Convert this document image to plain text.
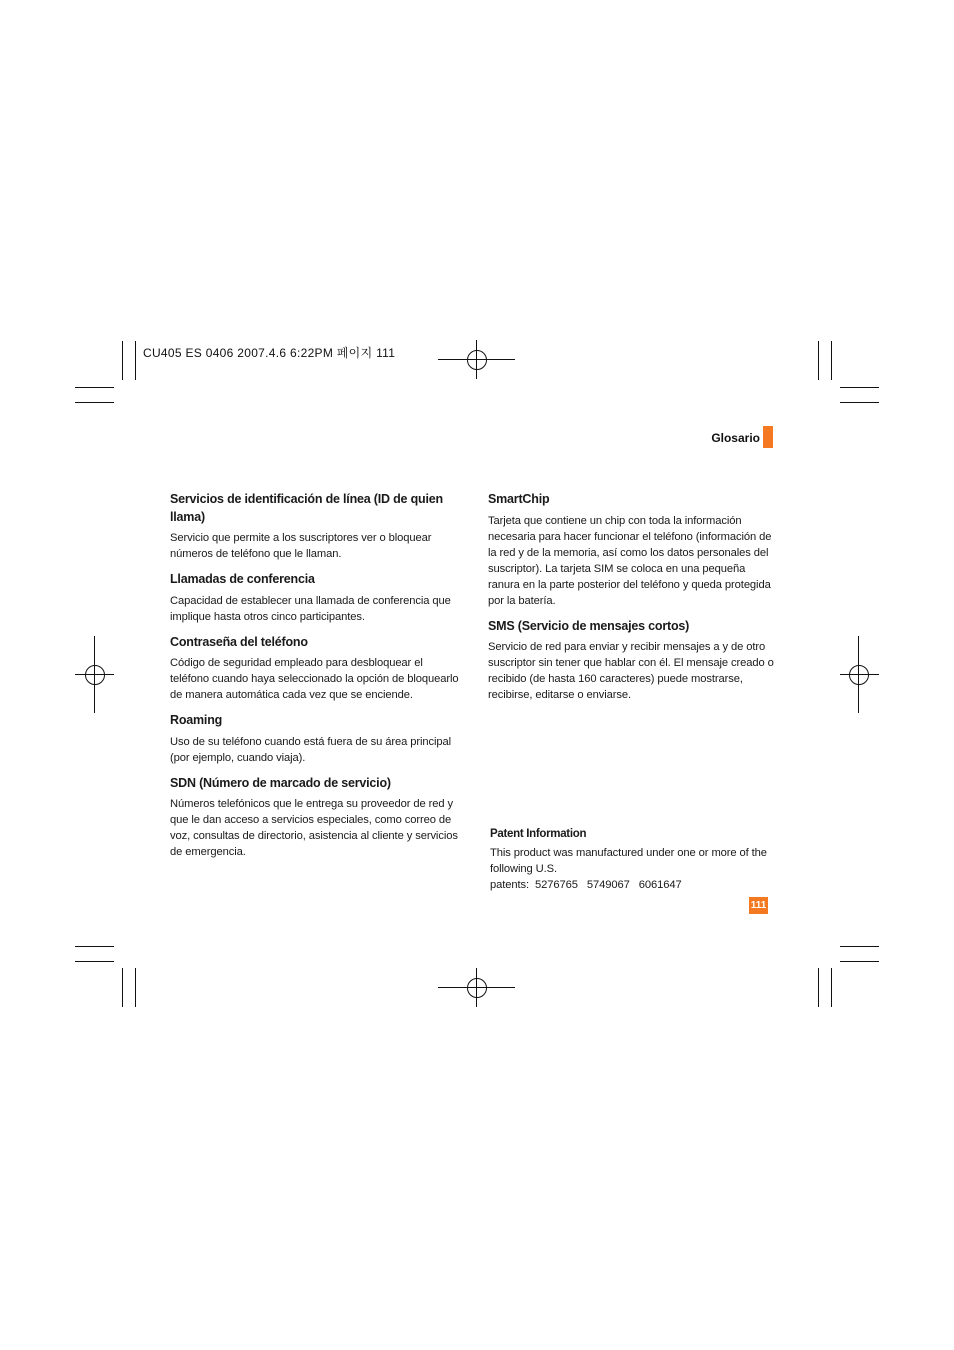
CU405 ES 0406 2007.4.6 6:22PM 페이지 111
Glosario
Servicios de identificación de línea (ID de quien llama)

Servicio que permite a los suscriptores ver o bloquear números de teléfono que le llaman.

Llamadas de conferencia

Capacidad de establecer una llamada de conferencia que implique hasta otros cinco participantes.

Contraseña del teléfono

Código de seguridad empleado para desbloquear el teléfono cuando haya seleccionado la opción de bloquearlo de manera automática cada vez que se enciende.

Roaming

Uso de su teléfono cuando está fuera de su área principal (por ejemplo, cuando viaja).

SDN (Número de marcado de servicio)

Números telefónicos que le entrega su proveedor de red y que le dan acceso a servicios especiales, como correo de voz, consultas de directorio, asistencia al cliente y servicios de emergencia.

SmartChip

Tarjeta que contiene un chip con toda la información necesaria para hacer funcionar el teléfono (información de la red y de la memoria, así como los datos personales del suscriptor). La tarjeta SIM se coloca en una pequeña ranura en la parte posterior del teléfono y queda protegida por la batería.

SMS (Servicio de mensajes cortos)

Servicio de red para enviar y recibir mensajes a y de otro suscriptor sin tener que hablar con él. El mensaje creado o recibido (de hasta 160 caracteres) puede mostrarse, recibirse, editarse o enviarse.

Patent Information

This product was manufactured under one or more of the following U.S.

patents:  5276765   5749067   6061647

111
